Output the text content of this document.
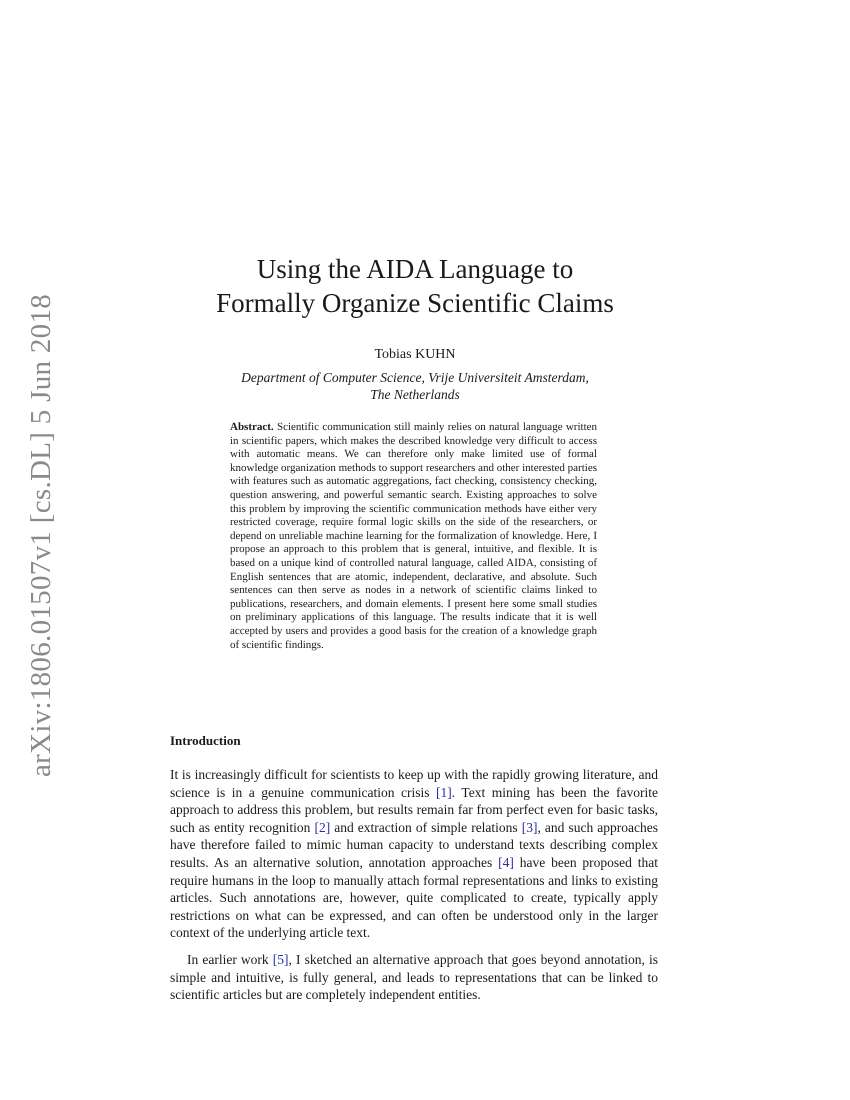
arXiv:1806.01507v1 [cs.DL] 5 Jun 2018

Using the AIDA Language to

Formally Organize Scientific Claims

Tobias KUHN
Department of Computer Science, Vrije Universiteit Amsterdam,
The Netherlands

Abstract. Scientific communication still mainly relies on natural language written in scientific papers, which makes the described knowledge very difficult to access with automatic means. We can therefore only make limited use of formal knowledge organization methods to support researchers and other interested parties with features such as automatic aggregations, fact checking, consistency checking, question answering, and powerful semantic search. Existing approaches to solve this problem by improving the scientific communication methods have either very restricted coverage, require formal logic skills on the side of the researchers, or depend on unreliable machine learning for the formalization of knowledge. Here, I propose an approach to this problem that is general, intuitive, and flexible. It is based on a unique kind of controlled natural language, called AIDA, consisting of English sentences that are atomic, independent, declarative, and absolute. Such sentences can then serve as nodes in a network of scientific claims linked to publications, researchers, and domain elements. I present here some small studies on preliminary applications of this language. The results indicate that it is well accepted by users and provides a good basis for the creation of a knowledge graph of scientific findings.

Introduction

It is increasingly difficult for scientists to keep up with the rapidly growing literature, and science is in a genuine communication crisis [1]. Text mining has been the favorite approach to address this problem, but results remain far from perfect even for basic tasks, such as entity recognition [2] and extraction of simple relations [3], and such approaches have therefore failed to mimic human capacity to understand texts describing complex results. As an alternative solution, annotation approaches [4] have been proposed that require humans in the loop to manually attach formal representations and links to existing articles. Such annotations are, however, quite complicated to create, typically apply restrictions on what can be expressed, and can often be understood only in the larger context of the underlying article text.

In earlier work [5], I sketched an alternative approach that goes beyond annotation, is simple and intuitive, is fully general, and leads to representations that can be linked to scientific articles but are completely independent entities.
